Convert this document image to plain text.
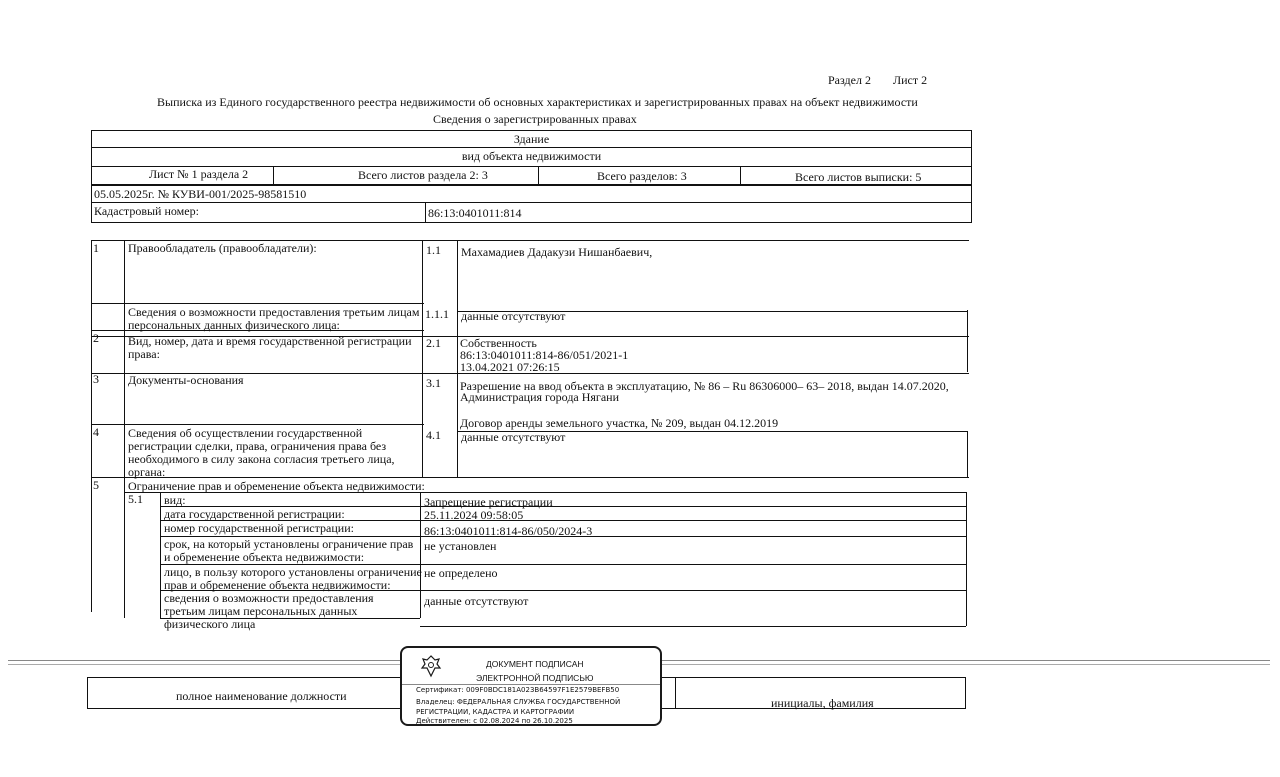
Раздел 2 Лист 2
Выписка из Единого государственного реестра недвижимости об основных характеристиках и зарегистрированных правах на объект недвижимости
Сведения о зарегистрированных правах
Здание
вид объекта недвижимости
Лист № 1 раздела 2	Всего листов раздела 2: 3	Всего разделов: 3	Всего листов выписки: 5
05.05.2025г. № КУВИ-001/2025-98581510
Кадастровый номер:	86:13:0401011:814
1 Правообладатель (правообладатели):	1.1 Махамадиев Дадакузи Нишанбаевич,
Сведения о возможности предоставления третьим лицам персональных данных физического лица:
1.1.1 данные отсутствуют
2 Вид, номер, дата и время государственной регистрации права:
2.1 Собственность
86:13:0401011:814-86/051/2021-1
13.04.2021 07:26:15
3 Документы-основания	3.1 Разрешение на ввод объекта в эксплуатацию, № 86 – Ru 86306000– 63– 2018, выдан 14.07.2020,
Администрация города Нягани
Договор аренды земельного участка, № 209, выдан 04.12.2019
4 Сведения об осуществлении государственной регистрации сделки, права, ограничения права без необходимого в силу закона согласия третьего лица, органа:
4.1 данные отсутствуют
5 Ограничение прав и обременение объекта недвижимости:
5.1 вид:	Запрещение регистрации
дата государственной регистрации:	25.11.2024 09:58:05
номер государственной регистрации:	86:13:0401011:814-86/050/2024-3
срок, на который установлены ограничение прав и обременение объекта недвижимости:
не установлен
лицо, в пользу которого установлены ограничение прав и обременение объекта недвижимости:
не определено
сведения о возможности предоставления третьим лицам персональных данных физического лица
данные отсутствуют
полное наименование должности	инициалы, фамилия
ДОКУМЕНТ ПОДПИСАН
ЭЛЕКТРОННОЙ ПОДПИСЬЮ
Сертификат: 009F0BDC181A023B64597F1E2579BEFB50
Владелец: ФЕДЕРАЛЬНАЯ СЛУЖБА ГОСУДАРСТВЕННОЙ
РЕГИСТРАЦИИ, КАДАСТРА И КАРТОГРАФИИ
Действителен: с 02.08.2024 по 26.10.2025
